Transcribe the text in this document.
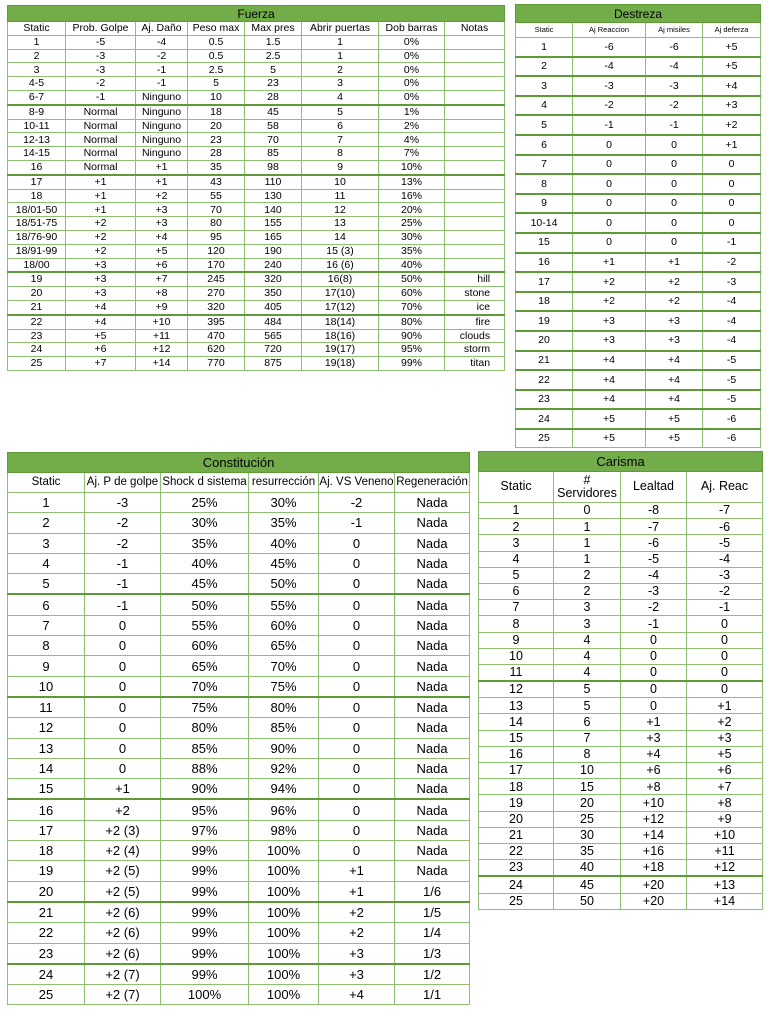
Fuerza							
Static	Prob. Golpe	Aj. Daño	Peso max	Max pres	Abrir puertas	Dob barras	Notas
1	-5	-4	0.5	1.5	1	0%	
2	-3	-2	0.5	2.5	1	0%	
3	-3	-1	2.5	5	2	0%	
4-5	-2	-1	5	23	3	0%	
6-7	-1	Ninguno	10	28	4	0%	
8-9	Normal	Ninguno	18	45	5	1%	
10-11	Normal	Ninguno	20	58	6	2%	
12-13	Normal	Ninguno	23	70	7	4%	
14-15	Normal	Ninguno	28	85	8	7%	
16	Normal	+1	35	98	9	10%	
17	+1	+1	43	110	10	13%	
18	+1	+2	55	130	11	16%	
18/01-50	+1	+3	70	140	12	20%	
18/51-75	+2	+3	80	155	13	25%	
18/76-90	+2	+4	95	165	14	30%	
18/91-99	+2	+5	120	190	15 (3)	35%	
18/00	+3	+6	170	240	16 (6)	40%	
19	+3	+7	245	320	16(8)	50%	hill
20	+3	+8	270	350	17(10)	60%	stone
21	+4	+9	320	405	17(12)	70%	ice
22	+4	+10	395	484	18(14)	80%	fire
23	+5	+11	470	565	18(16)	90%	clouds
24	+6	+12	620	720	19(17)	95%	storm
25	+7	+14	770	875	19(18)	99%	titan
Destreza			
Static	Aj Reaccion	Aj misiles	Aj deferza
1	-6	-6	+5
2	-4	-4	+5
3	-3	-3	+4
4	-2	-2	+3
5	-1	-1	+2
6	0	0	+1
7	0	0	0
8	0	0	0
9	0	0	0
10-14	0	0	0
15	0	0	-1
16	+1	+1	-2
17	+2	+2	-3
18	+2	+2	-4
19	+3	+3	-4
20	+3	+3	-4
21	+4	+4	-5
22	+4	+4	-5
23	+4	+4	-5
24	+5	+5	-6
25	+5	+5	-6
Constitución					
Static	Aj. P de golpe	Shock d sistema	resurrección	Aj. VS Veneno	Regeneración
1	-3	25%	30%	-2	Nada
2	-2	30%	35%	-1	Nada
3	-2	35%	40%	0	Nada
4	-1	40%	45%	0	Nada
5	-1	45%	50%	0	Nada
6	-1	50%	55%	0	Nada
7	0	55%	60%	0	Nada
8	0	60%	65%	0	Nada
9	0	65%	70%	0	Nada
10	0	70%	75%	0	Nada
11	0	75%	80%	0	Nada
12	0	80%	85%	0	Nada
13	0	85%	90%	0	Nada
14	0	88%	92%	0	Nada
15	+1	90%	94%	0	Nada
16	+2	95%	96%	0	Nada
17	+2 (3)	97%	98%	0	Nada
18	+2 (4)	99%	100%	0	Nada
19	+2 (5)	99%	100%	+1	Nada
20	+2 (5)	99%	100%	+1	1/6
21	+2 (6)	99%	100%	+2	1/5
22	+2 (6)	99%	100%	+2	1/4
23	+2 (6)	99%	100%	+3	1/3
24	+2 (7)	99%	100%	+3	1/2
25	+2 (7)	100%	100%	+4	1/1
Carisma			
Static	# Servidores	Lealtad	Aj. Reac
1	0	-8	-7
2	1	-7	-6
3	1	-6	-5
4	1	-5	-4
5	2	-4	-3
6	2	-3	-2
7	3	-2	-1
8	3	-1	0
9	4	0	0
10	4	0	0
11	4	0	0
12	5	0	0
13	5	0	+1
14	6	+1	+2
15	7	+3	+3
16	8	+4	+5
17	10	+6	+6
18	15	+8	+7
19	20	+10	+8
20	25	+12	+9
21	30	+14	+10
22	35	+16	+11
23	40	+18	+12
24	45	+20	+13
25	50	+20	+14
